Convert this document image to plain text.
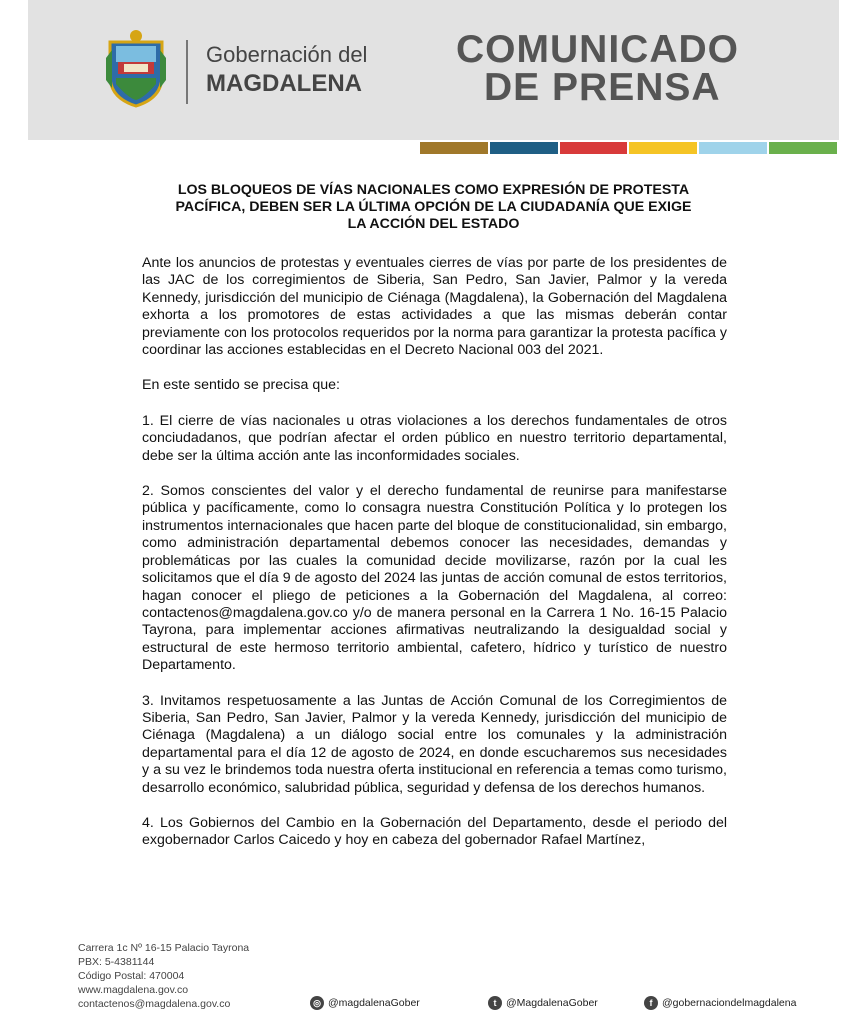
Gobernación del
MAGDALENA
COMUNICADO
DE PRENSA
LOS BLOQUEOS DE VÍAS NACIONALES COMO EXPRESIÓN DE PROTESTA
PACÍFICA, DEBEN SER LA ÚLTIMA OPCIÓN DE LA CIUDADANÍA QUE EXIGE
LA ACCIÓN DEL ESTADO

Ante los anuncios de protestas y eventuales cierres de vías por parte de los presidentes de las JAC de los corregimientos de Siberia, San Pedro, San Javier, Palmor y la vereda Kennedy, jurisdicción del municipio de Ciénaga (Magdalena), la Gobernación del Magdalena exhorta a los promotores de estas actividades a que las mismas deberán contar previamente con los protocolos requeridos por la norma para garantizar la protesta pacífica y coordinar las acciones establecidas en el Decreto Nacional 003 del 2021.

En este sentido se precisa que:

1. El cierre de vías nacionales u otras violaciones a los derechos fundamentales de otros conciudadanos, que podrían afectar el orden público en nuestro territorio departamental, debe ser la última acción ante las inconformidades sociales.

2. Somos conscientes del valor y el derecho fundamental de reunirse para manifestarse pública y pacíficamente, como lo consagra nuestra Constitución Política y lo protegen los instrumentos internacionales que hacen parte del bloque de constitucionalidad, sin embargo, como administración departamental debemos conocer las necesidades, demandas y problemáticas por las cuales la comunidad decide movilizarse, razón por la cual les solicitamos que el día 9 de agosto del 2024 las juntas de acción comunal de estos territorios, hagan conocer el pliego de peticiones a la Gobernación del Magdalena, al correo: contactenos@magdalena.gov.co y/o de manera personal en la Carrera 1 No. 16-15 Palacio Tayrona, para implementar acciones afirmativas neutralizando la desigualdad social y estructural de este hermoso territorio ambiental, cafetero, hídrico y turístico de nuestro Departamento.

3. Invitamos respetuosamente a las Juntas de Acción Comunal de los Corregimientos de Siberia, San Pedro, San Javier, Palmor y la vereda Kennedy, jurisdicción del municipio de Ciénaga (Magdalena) a un diálogo social entre los comunales y la administración departamental para el día 12 de agosto de 2024, en donde escucharemos sus necesidades y a su vez le brindemos toda nuestra oferta institucional en referencia a temas como turismo, desarrollo económico, salubridad pública, seguridad y defensa de los derechos humanos.

4. Los Gobiernos del Cambio en la Gobernación del Departamento, desde el periodo del exgobernador Carlos Caicedo y hoy en cabeza del gobernador Rafael Martínez,

Carrera 1c Nº 16-15 Palacio Tayrona
PBX: 5-4381144
Código Postal: 470004
www.magdalena.gov.co
contactenos@magdalena.gov.co	◎ @magdalenaGober	t @MagdalenaGober	f @gobernaciondelmagdalena
